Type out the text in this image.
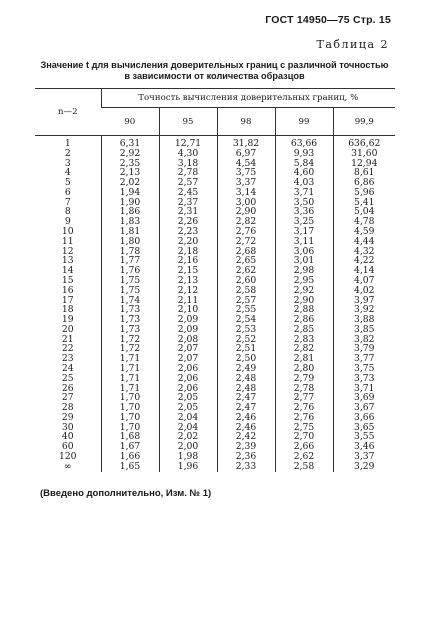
ГОСТ 14950—75 Стр. 15
Таблица 2
Значение t для вычисления доверительных границ с различной точностью
в зависимости от количества образцов
n—2	Точность вычисления доверительных границ, %				
	90	95	98	99	99,9
1	6,31	12,71	31,82	63,66	636,62
2	2,92	4,30	6,97	9,93	31,60
3	2,35	3,18	4,54	5,84	12,94
4	2,13	2,78	3,75	4,60	8,61
5	2,02	2,57	3,37	4,03	6,86
6	1,94	2,45	3,14	3,71	5,96
7	1,90	2,37	3,00	3,50	5,41
8	1,86	2,31	2,90	3,36	5,04
9	1,83	2,26	2,82	3,25	4,78
10	1,81	2,23	2,76	3,17	4,59
11	1,80	2,20	2,72	3,11	4,44
12	1,78	2,18	2,68	3,06	4,32
13	1,77	2,16	2,65	3,01	4,22
14	1,76	2,15	2,62	2,98	4,14
15	1,75	2,13	2,60	2,95	4,07
16	1,75	2,12	2,58	2,92	4,02
17	1,74	2,11	2,57	2,90	3,97
18	1,73	2,10	2,55	2,88	3,92
19	1,73	2,09	2,54	2,86	3,88
20	1,73	2,09	2,53	2,85	3,85
21	1,72	2,08	2,52	2,83	3,82
22	1,72	2,07	2,51	2,82	3,79
23	1,71	2,07	2,50	2,81	3,77
24	1,71	2,06	2,49	2,80	3,75
25	1,71	2,06	2,48	2,79	3,73
26	1,71	2,06	2,48	2,78	3,71
27	1,70	2,05	2,47	2,77	3,69
28	1,70	2,05	2,47	2,76	3,67
29	1,70	2,04	2,46	2,76	3,66
30	1,70	2,04	2,46	2,75	3,65
40	1,68	2,02	2,42	2,70	3,55
60	1,67	2,00	2,39	2,66	3,46
120	1,66	1,98	2,36	2,62	3,37
∞	1,65	1,96	2,33	2,58	3,29
(Введено дополнительно, Изм. № 1)
